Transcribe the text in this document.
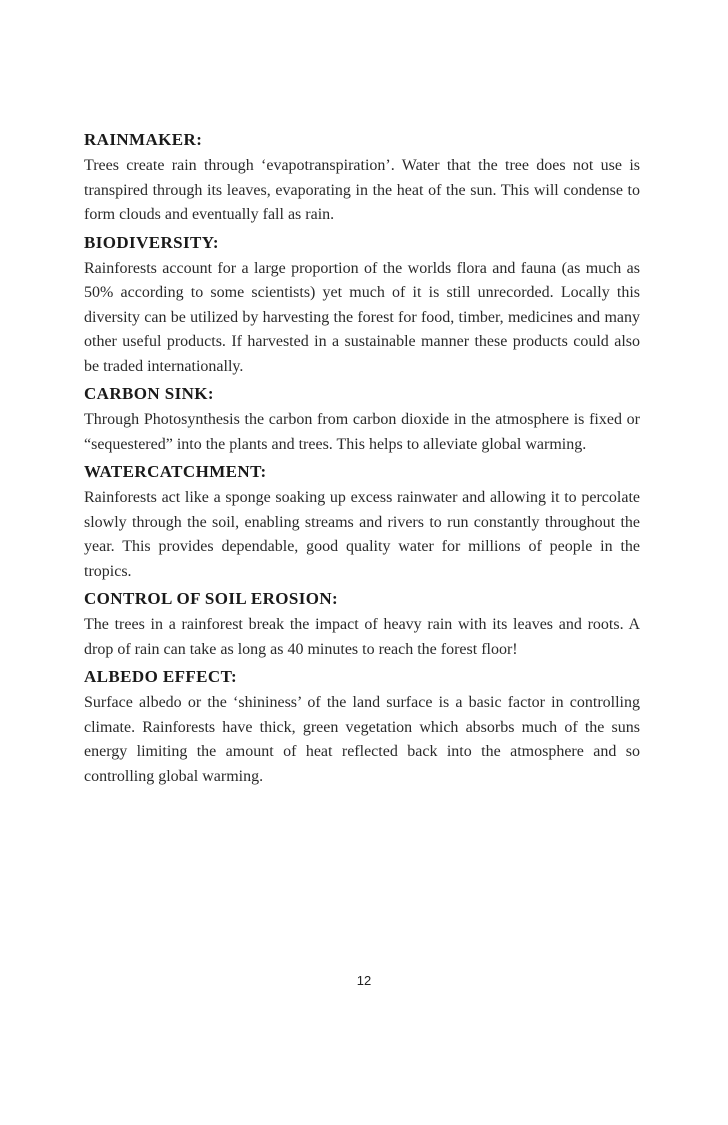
RAINMAKER:

Trees create rain through ‘evapotranspiration’. Water that the tree does not use is transpired through its leaves, evaporating in the heat of the sun. This will condense to form clouds and eventually fall as rain.

BIODIVERSITY:

Rainforests account for a large proportion of the worlds flora and fauna (as much as 50% according to some scientists) yet much of it is still unrecorded. Locally this diversity can be utilized by harvesting the forest for food, timber, medicines and many other useful products. If harvested in a sustainable manner these products could also be traded internationally.

CARBON SINK:

Through Photosynthesis the carbon from carbon dioxide in the atmosphere is fixed or “sequestered” into the plants and trees. This helps to alleviate global warming.

WATERCATCHMENT:

Rainforests act like a sponge soaking up excess rainwater and allowing it to percolate slowly through the soil, enabling streams and rivers to run constantly throughout the year. This provides dependable, good quality water for millions of people in the tropics.

CONTROL OF SOIL EROSION:

The trees in a rainforest break the impact of heavy rain with its leaves and roots. A drop of rain can take as long as 40 minutes to reach the forest floor!

ALBEDO EFFECT:

Surface albedo or the ‘shininess’ of the land surface is a basic factor in controlling climate. Rainforests have thick, green vegetation which absorbs much of the suns energy limiting the amount of heat reflected back into the atmosphere and so controlling global warming.

12
